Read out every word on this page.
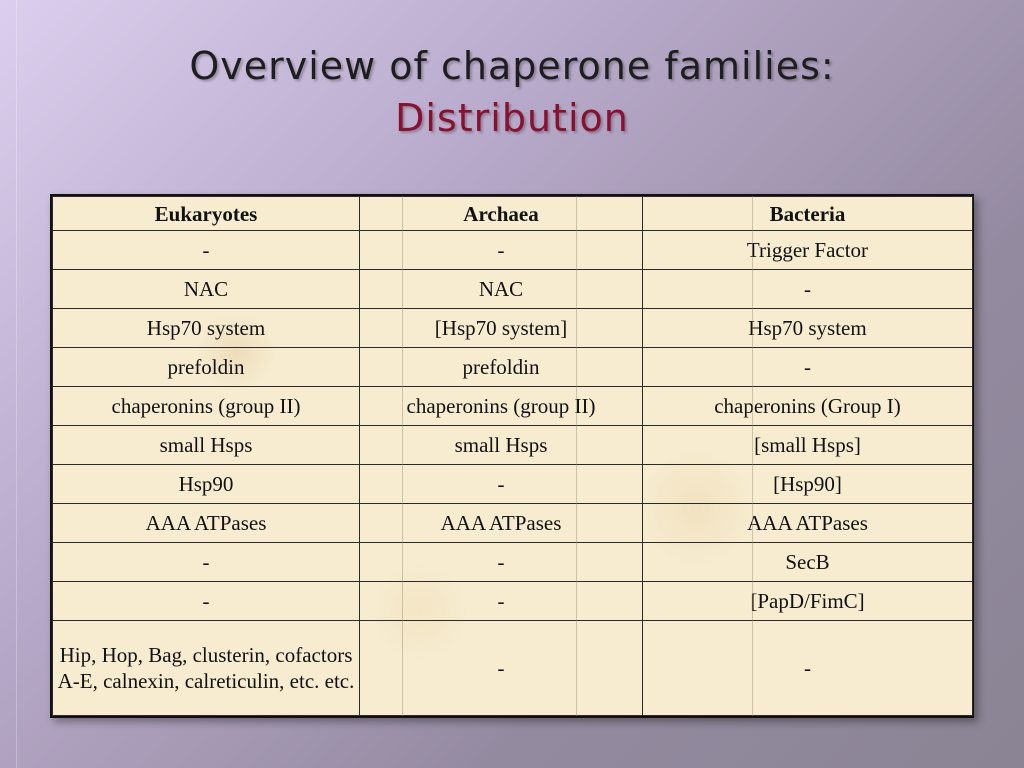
Overview of chaperone families:
Distribution
Eukaryotes	Archaea	Bacteria
-	-	Trigger Factor
NAC	NAC	-
Hsp70 system	[Hsp70 system]	Hsp70 system
prefoldin	prefoldin	-
chaperonins (group II)	chaperonins (group II)	chaperonins (Group I)
small Hsps	small Hsps	[small Hsps]
Hsp90	-	[Hsp90]
AAA ATPases	AAA ATPases	AAA ATPases
-	-	SecB
-	-	[PapD/FimC]
Hip, Hop, Bag, clusterin, cofactors A-E, calnexin, calreticulin, etc. etc.	-	-
